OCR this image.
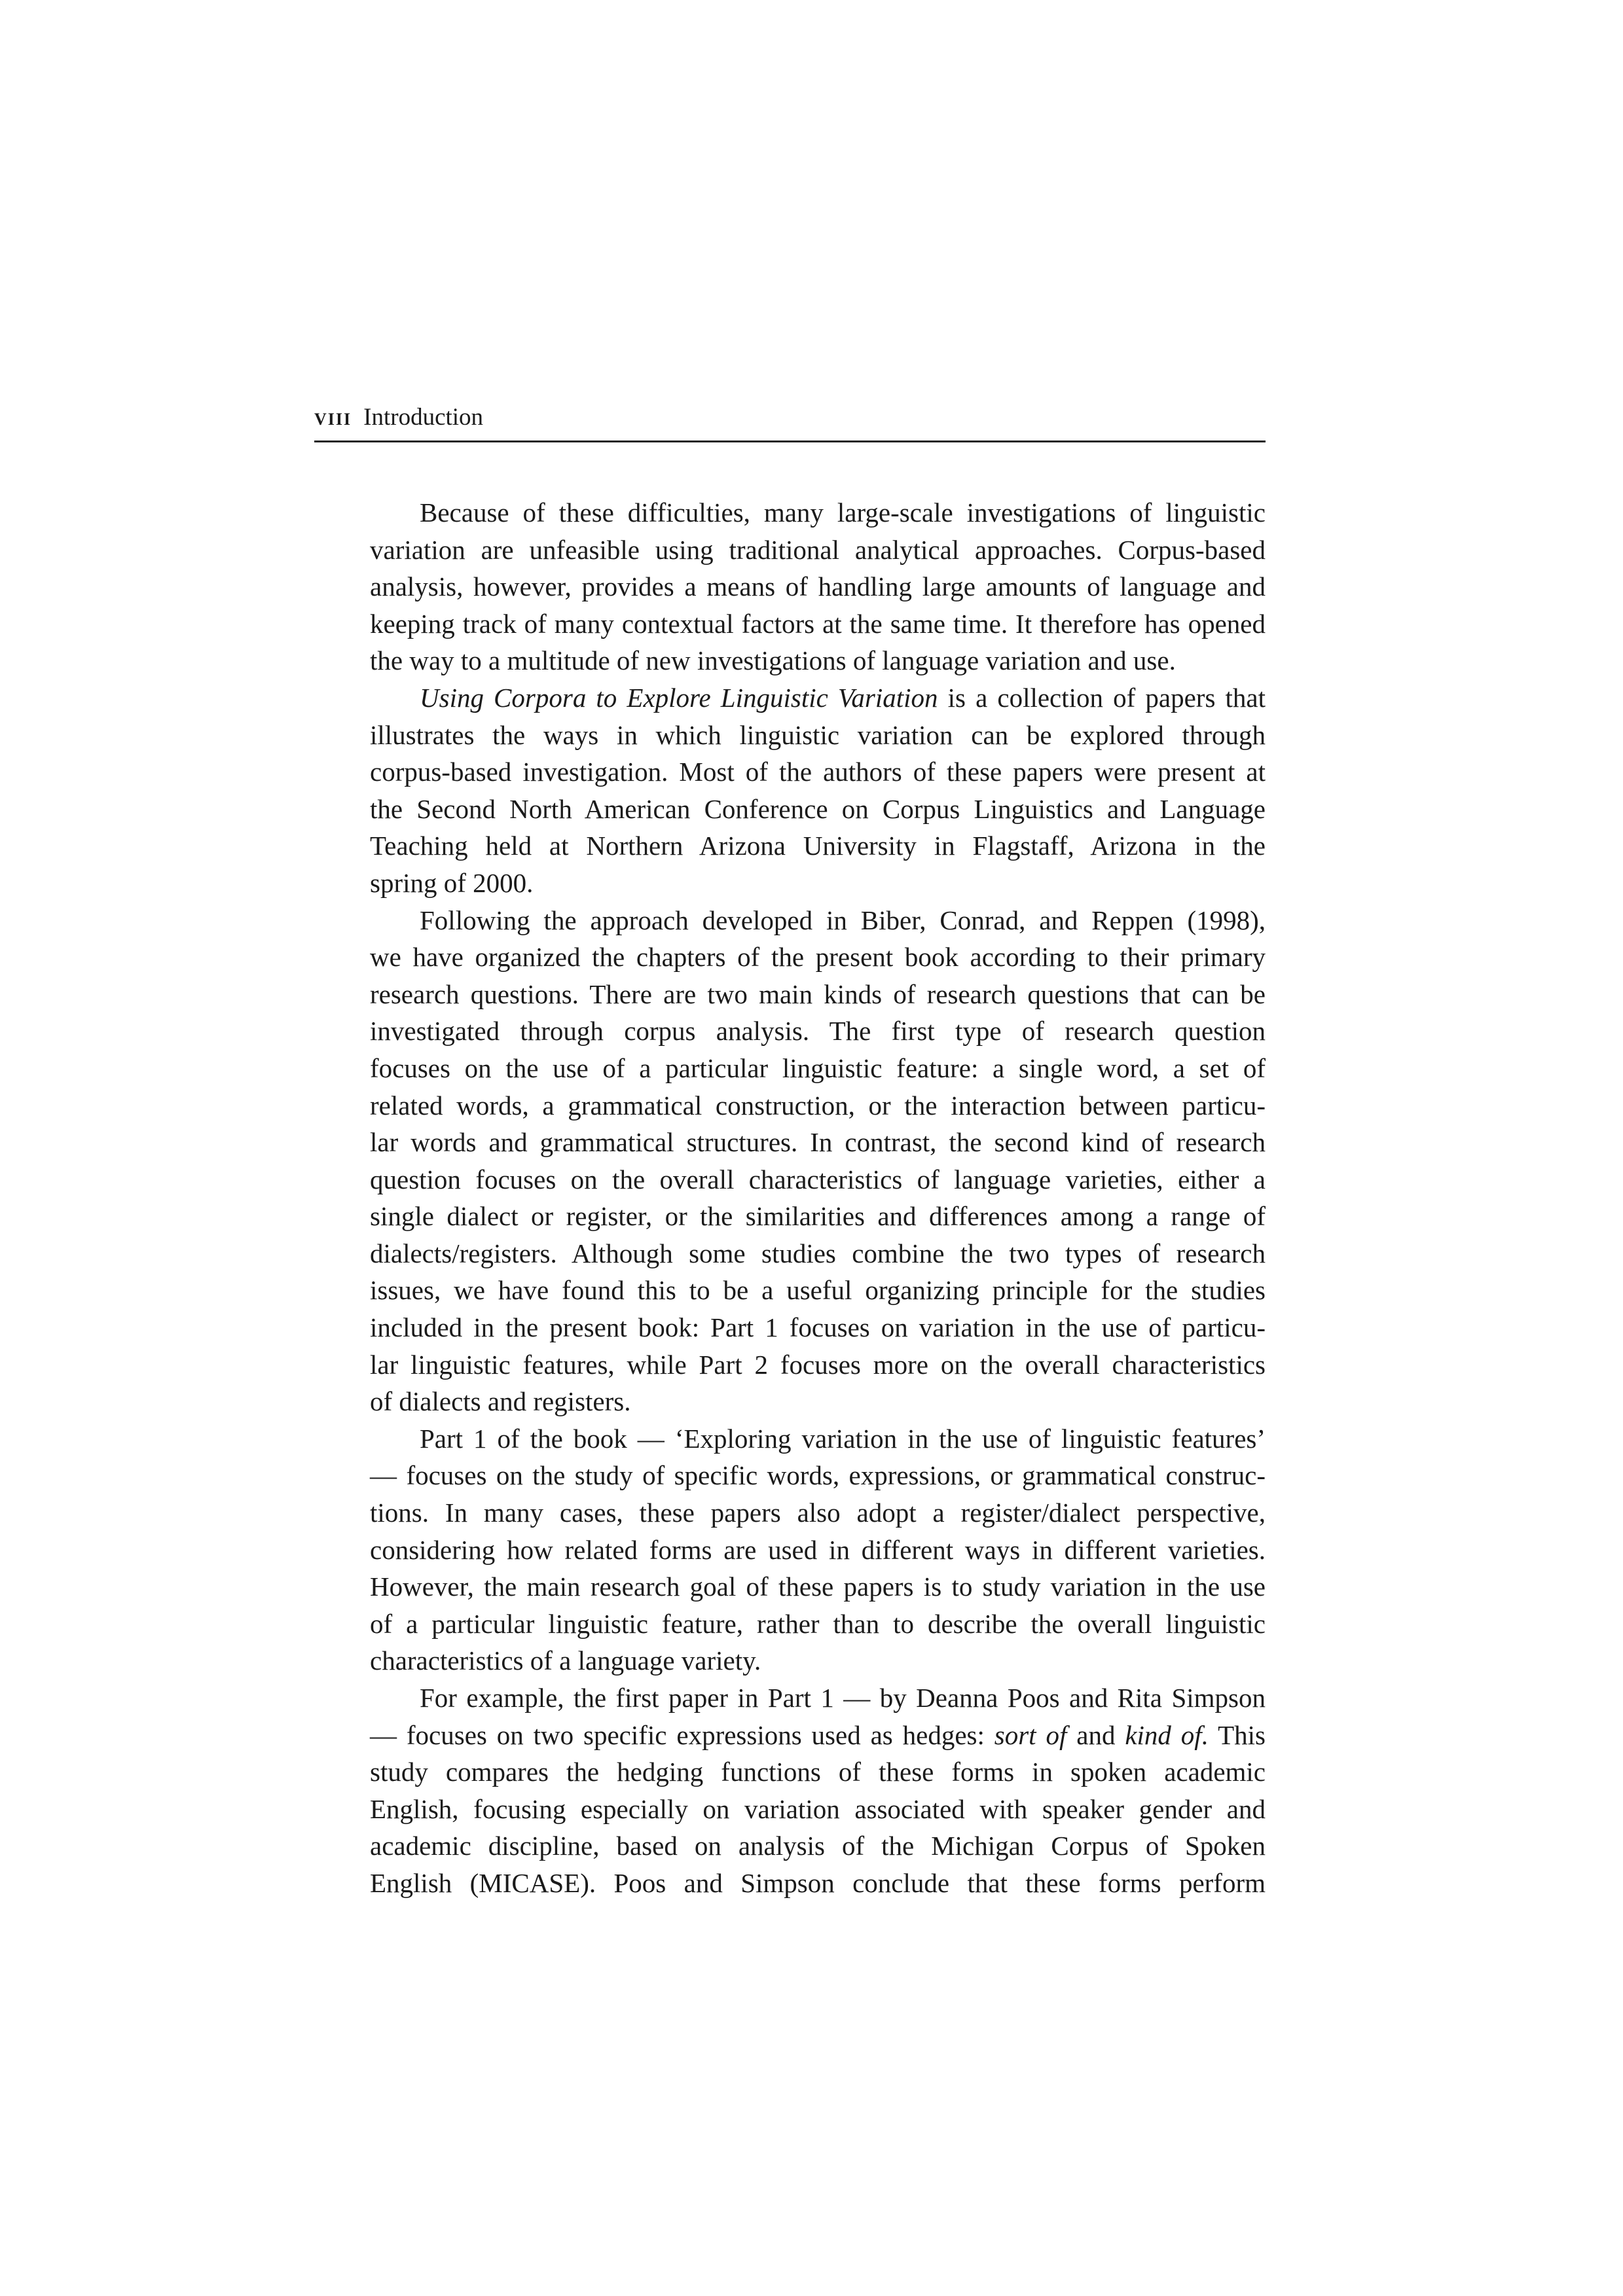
viii Introduction

Because of these difficulties, many large-scale investigations of linguistic
variation are unfeasible using traditional analytical approaches. Corpus-based
analysis, however, provides a means of handling large amounts of language and
keeping track of many contextual factors at the same time. It therefore has opened
the way to a multitude of new investigations of language variation and use.

Using Corpora to Explore Linguistic Variation is a collection of papers that
illustrates the ways in which linguistic variation can be explored through
corpus-based investigation. Most of the authors of these papers were present at
the Second North American Conference on Corpus Linguistics and Language
Teaching held at Northern Arizona University in Flagstaff, Arizona in the
spring of 2000.

Following the approach developed in Biber, Conrad, and Reppen (1998),
we have organized the chapters of the present book according to their primary
research questions. There are two main kinds of research questions that can be
investigated through corpus analysis. The first type of research question
focuses on the use of a particular linguistic feature: a single word, a set of
related words, a grammatical construction, or the interaction between particu-
lar words and grammatical structures. In contrast, the second kind of research
question focuses on the overall characteristics of language varieties, either a
single dialect or register, or the similarities and differences among a range of
dialects/registers. Although some studies combine the two types of research
issues, we have found this to be a useful organizing principle for the studies
included in the present book: Part 1 focuses on variation in the use of particu-
lar linguistic features, while Part 2 focuses more on the overall characteristics
of dialects and registers.

Part 1 of the book — ‘Exploring variation in the use of linguistic features’
— focuses on the study of specific words, expressions, or grammatical construc-
tions. In many cases, these papers also adopt a register/dialect perspective,
considering how related forms are used in different ways in different varieties.
However, the main research goal of these papers is to study variation in the use
of a particular linguistic feature, rather than to describe the overall linguistic
characteristics of a language variety.

For example, the first paper in Part 1 — by Deanna Poos and Rita Simpson
— focuses on two specific expressions used as hedges: sort of and kind of. This
study compares the hedging functions of these forms in spoken academic
English, focusing especially on variation associated with speaker gender and
academic discipline, based on analysis of the Michigan Corpus of Spoken
English (MICASE). Poos and Simpson conclude that these forms perform
